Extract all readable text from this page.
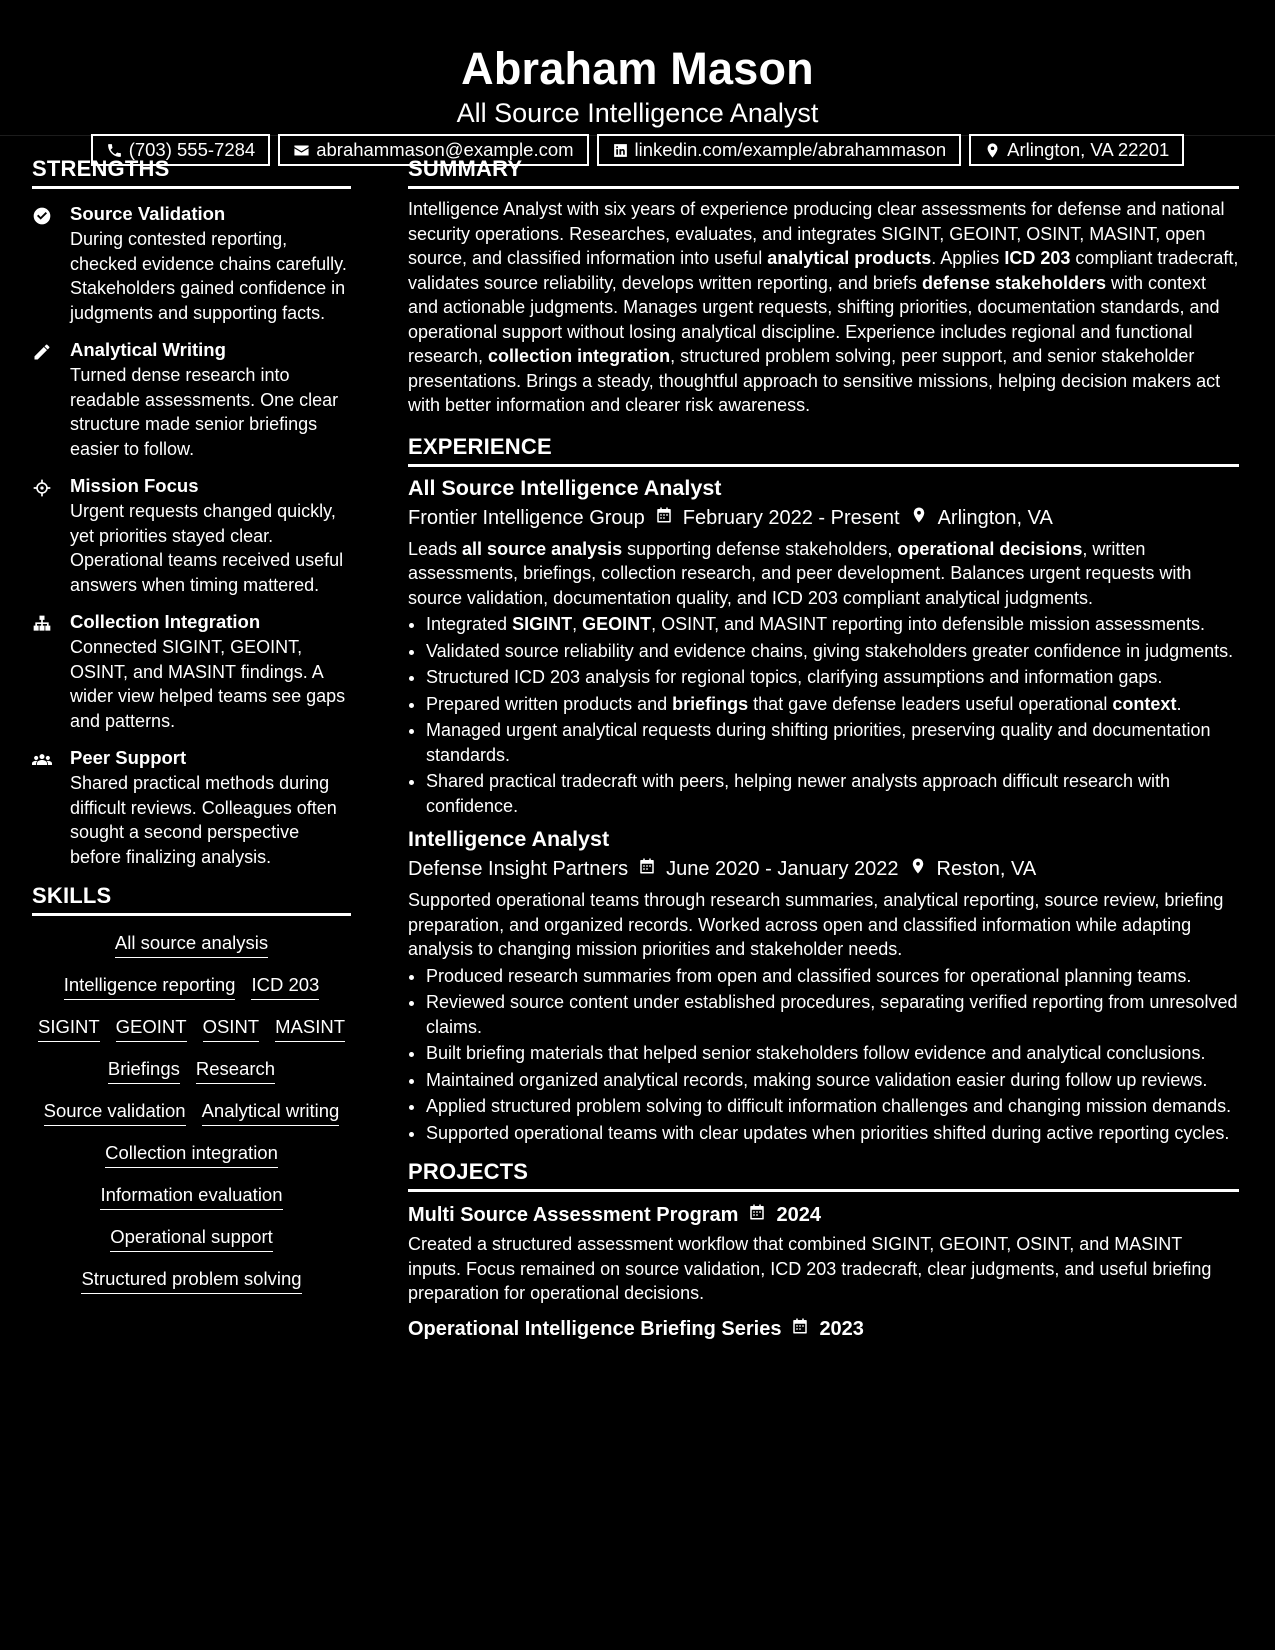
Abraham Mason
All Source Intelligence Analyst
(703) 555-7284	abrahammason@example.com	linkedin.com/example/abrahammason	Arlington, VA 22201
STRENGTHS
Source Validation
During contested reporting, checked evidence chains carefully. Stakeholders gained confidence in judgments and supporting facts.
Analytical Writing
Turned dense research into readable assessments. One clear structure made senior briefings easier to follow.
Mission Focus
Urgent requests changed quickly, yet priorities stayed clear. Operational teams received useful answers when timing mattered.
Collection Integration
Connected SIGINT, GEOINT, OSINT, and MASINT findings. A wider view helped teams see gaps and patterns.
Peer Support
Shared practical methods during difficult reviews. Colleagues often sought a second perspective before finalizing analysis.
SKILLS
All source analysis
Intelligence reporting ICD 203
SIGINT GEOINT OSINT MASINT
Briefings Research
Source validation Analytical writing
Collection integration
Information evaluation
Operational support
Structured problem solving
SUMMARY
Intelligence Analyst with six years of experience producing clear assessments for defense and national security operations. Researches, evaluates, and integrates SIGINT, GEOINT, OSINT, MASINT, open source, and classified information into useful analytical products. Applies ICD 203 compliant tradecraft, validates source reliability, develops written reporting, and briefs defense stakeholders with context and actionable judgments. Manages urgent requests, shifting priorities, documentation standards, and operational support without losing analytical discipline. Experience includes regional and functional research, collection integration, structured problem solving, peer support, and senior stakeholder presentations. Brings a steady, thoughtful approach to sensitive missions, helping decision makers act with better information and clearer risk awareness.
EXPERIENCE
All Source Intelligence Analyst
Frontier Intelligence Group February 2022 - Present Arlington, VA
Leads all source analysis supporting defense stakeholders, operational decisions, written assessments, briefings, collection research, and peer development. Balances urgent requests with source validation, documentation quality, and ICD 203 compliant analytical judgments.
• Integrated SIGINT, GEOINT, OSINT, and MASINT reporting into defensible mission assessments.
• Validated source reliability and evidence chains, giving stakeholders greater confidence in judgments.
• Structured ICD 203 analysis for regional topics, clarifying assumptions and information gaps.
• Prepared written products and briefings that gave defense leaders useful operational context.
• Managed urgent analytical requests during shifting priorities, preserving quality and documentation standards.
• Shared practical tradecraft with peers, helping newer analysts approach difficult research with confidence.
Intelligence Analyst
Defense Insight Partners June 2020 - January 2022 Reston, VA
Supported operational teams through research summaries, analytical reporting, source review, briefing preparation, and organized records. Worked across open and classified information while adapting analysis to changing mission priorities and stakeholder needs.
• Produced research summaries from open and classified sources for operational planning teams.
• Reviewed source content under established procedures, separating verified reporting from unresolved claims.
• Built briefing materials that helped senior stakeholders follow evidence and analytical conclusions.
• Maintained organized analytical records, making source validation easier during follow up reviews.
• Applied structured problem solving to difficult information challenges and changing mission demands.
• Supported operational teams with clear updates when priorities shifted during active reporting cycles.
PROJECTS
Multi Source Assessment Program 2024
Created a structured assessment workflow that combined SIGINT, GEOINT, OSINT, and MASINT inputs. Focus remained on source validation, ICD 203 tradecraft, clear judgments, and useful briefing preparation for operational decisions.
Operational Intelligence Briefing Series 2023
